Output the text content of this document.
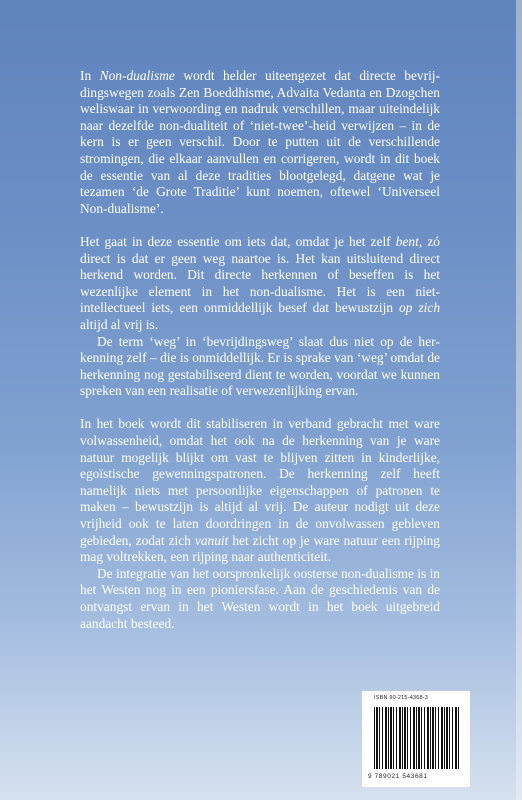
In Non-dualisme wordt helder uiteengezet dat directe bevrijdingswegen zoals Zen Boeddhisme, Advaita Vedanta en Dzogchen weliswaar in verwoording en nadruk verschillen, maar uiteindelijk naar dezelfde non-dualiteit of ‘niet-twee’-heid verwijzen – in de kern is er geen verschil. Door te putten uit de verschillende stromingen, die elkaar aanvullen en corrigeren, wordt in dit boek de essentie van al deze tradities blootgelegd, datgene wat je tezamen ‘de Grote Traditie’ kunt noemen, oftewel ‘Universeel Non-dualisme’.

Het gaat in deze essentie om iets dat, omdat je het zelf bent, zó direct is dat er geen weg naartoe is. Het kan uitsluitend direct herkend worden. Dit directe herkennen of beseffen is het wezenlijke element in het non-dualisme. Het is een niet-intellectueel iets, een onmiddellijk besef dat bewustzijn op zich altijd al vrij is.

De term ‘weg’ in ‘bevrijdingsweg’ slaat dus niet op de herkenning zelf – die is onmiddellijk. Er is sprake van ‘weg’ omdat de herkenning nog gestabiliseerd dient te worden, voordat we kunnen spreken van een realisatie of verwezenlijking ervan.

In het boek wordt dit stabiliseren in verband gebracht met ware volwassenheid, omdat het ook na de herkenning van je ware natuur mogelijk blijkt om vast te blijven zitten in kinderlijke, egoïstische gewenningspatronen. De herkenning zelf heeft namelijk niets met persoonlijke eigenschappen of patronen te maken – bewustzijn is altijd al vrij. De auteur nodigt uit deze vrijheid ook te laten doordringen in de onvolwassen gebleven gebieden, zodat zich vanuit het zicht op je ware natuur een rijping mag voltrekken, een rijping naar authenticiteit.

De integratie van het oorspronkelijk oosterse non-dualisme is in het Westen nog in een pioniersfase. Aan de geschiedenis van de ontvangst ervan in het Westen wordt in het boek uitgebreid aandacht besteed.

ISBN 90-215-4368-3
9 789021 543681
